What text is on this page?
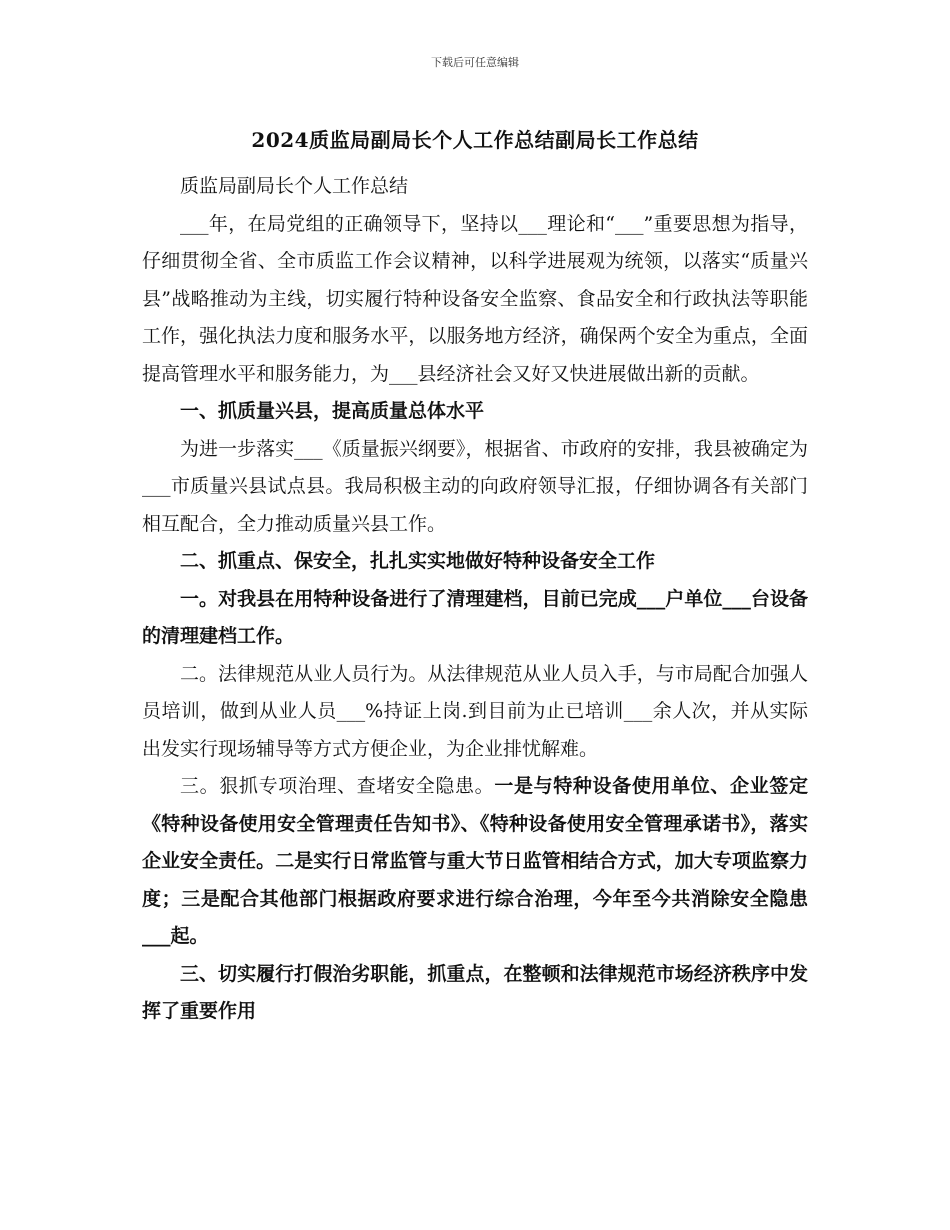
下载后可任意编辑
2024质监局副局长个人工作总结副局长工作总结

质监局副局长个人工作总结

___年，在局党组的正确领导下，坚持以___理论和“___”重要思想为指导，仔细贯彻全省、全市质监工作会议精神，以科学进展观为统领，以落实“质量兴县”战略推动为主线，切实履行特种设备安全监察、食品安全和行政执法等职能工作，强化执法力度和服务水平，以服务地方经济，确保两个安全为重点，全面提高管理水平和服务能力，为___县经济社会又好又快进展做出新的贡献。

一、抓质量兴县，提高质量总体水平

为进一步落实___《质量振兴纲要》，根据省、市政府的安排，我县被确定为___市质量兴县试点县。我局积极主动的向政府领导汇报，仔细协调各有关部门相互配合，全力推动质量兴县工作。

二、抓重点、保安全，扎扎实实地做好特种设备安全工作

一。对我县在用特种设备进行了清理建档，目前已完成___户单位___台设备的清理建档工作。

二。法律规范从业人员行为。从法律规范从业人员入手，与市局配合加强人员培训，做到从业人员___%持证上岗.到目前为止已培训___余人次，并从实际出发实行现场辅导等方式方便企业，为企业排忧解难。

三。狠抓专项治理、查堵安全隐患。一是与特种设备使用单位、企业签定《特种设备使用安全管理责任告知书》、《特种设备使用安全管理承诺书》，落实企业安全责任。二是实行日常监管与重大节日监管相结合方式，加大专项监察力度；三是配合其他部门根据政府要求进行综合治理，今年至今共消除安全隐患___起。

三、切实履行打假治劣职能，抓重点，在整顿和法律规范市场经济秩序中发挥了重要作用
